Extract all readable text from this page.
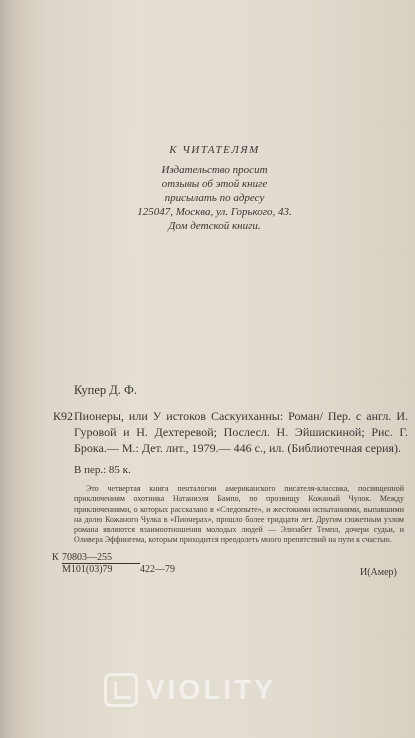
К ЧИТАТЕЛЯМ
Издательство просит
отзывы об этой книге
присылать по адресу
125047, Москва, ул. Горького, 43.
Дом детской книги.
Купер Д. Ф.
К92 Пионеры, или У истоков Саскуиханны: Роман/ Пер. с англ. И. Гуровой и Н. Дехтеревой; Послесл. Н. Эйшискиной; Рис. Г. Брока.— М.: Дет. лит., 1979.— 446 с., ил. (Библиотечная серия).
В пер.: 85 к.
Это четвертая книга пенталогии американского писателя-классика, посвященной приключениям охотника Натаниэля Бампо, по прозвищу Кожаный Чулок. Между приключениями, о которых рассказано в «Следопыте», и жестокими испытаниями, выпавшими на долю Кожаного Чулка в «Пионерах», прошло более тридцати лет. Другим сюжетным узлом романа являются взаимоотношения молодых людей — Элизабет Темпл, дочери судьи, и Оливера Эффингема, которым приходится преодолеть много препятствий на пути к счастью.
К 70803—255
М101(03)79	422—79	И(Амер)
VIOLITY
